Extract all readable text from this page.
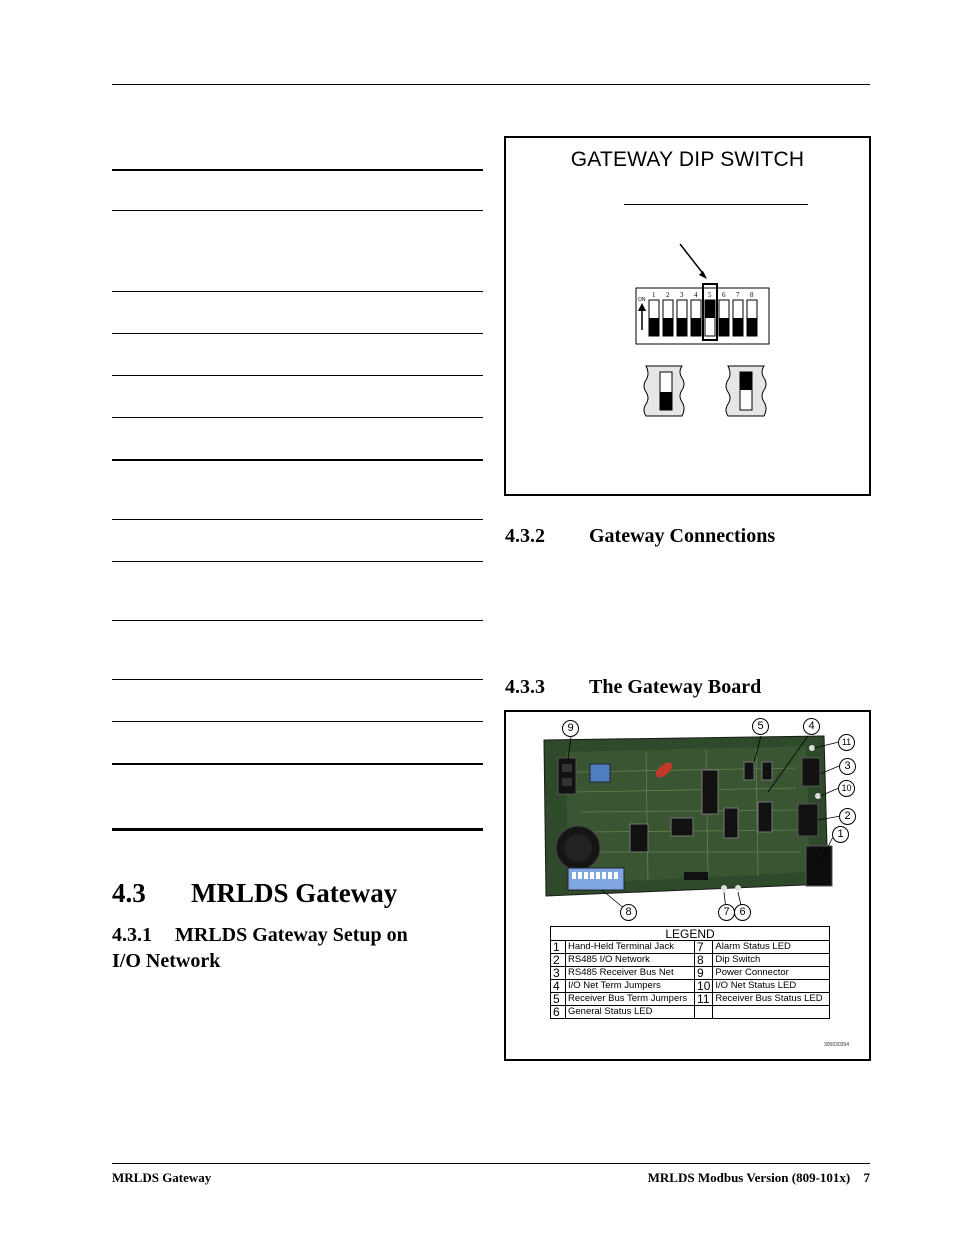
4.3 MRLDS Gateway
4.3.1 MRLDS Gateway Setup on
I/O Network
GATEWAY DIP SWITCH
ON
1 2 3 4 5 6 7 8
4.3.2 Gateway Connections
4.3.3 The Gateway Board
9	5	4
11
3
10
2
1
8	7 6
LEGEND			
1	Hand-Held Terminal Jack	7	Alarm Status LED
2	RS485 I/O Network	8	Dip Switch
3	RS485 Receiver Bus Net	9	Power Connector
4	I/O Net Term Jumpers	10	I/O Net Status LED
5	Receiver Bus Term Jumpers	11	Receiver Bus Status LED
6	General Status LED		
305030354
MRLDS Gateway	MRLDS Modbus Version (809-101x) 7
